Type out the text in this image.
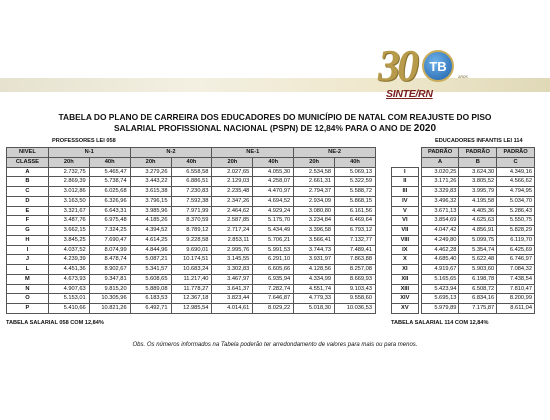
30	TB
anos
SINTE/RN
TABELA DO PLANO DE CARREIRA DOS EDUCADORES DO MUNICÍPIO DE NATAL COM REAJUSTE DO PISO
SALARIAL PROFISSIONAL NACIONAL (PSPN) DE 12,84% PARA O ANO DE 2020
PROFESSORES LEI 058	EDUCADORES INFANTIS LEI 114
NIVEL	N-1		N-2		NE-1		NE-2	
CLASSE	20h	40h	20h	40h	20h	40h	20h	40h
A	2.732,75	5.465,47	3.279,26	6.558,58	2.027,65	4.055,30	2.534,58	5.069,13
B	2.869,39	5.738,74	3.443,22	6.886,51	2.129,03	4.258,07	2.661,31	5.322,59
C	3.012,86	6.025,68	3.615,38	7.230,83	2.235,48	4.470,97	2.794,37	5.588,72
D	3.163,50	6.326,96	3.796,15	7.592,38	2.347,26	4.694,52	2.934,09	5.868,15
E	3.321,67	6.643,31	3.985,96	7.971,99	2.464,62	4.929,24	3.080,80	6.161,56
F	3.487,76	6.975,48	4.185,26	8.370,59	2.587,85	5.175,70	3.234,84	6.469,64
G	3.662,15	7.324,25	4.394,52	8.789,12	2.717,24	5.434,49	3.396,58	6.793,12
H	3.845,25	7.690,47	4.614,25	9.228,58	2.853,11	5.706,21	3.566,41	7.132,77
I	4.037,52	8.074,99	4.844,96	9.690,01	2.995,76	5.991,53	3.744,73	7.489,41
J	4.239,39	8.478,74	5.087,21	10.174,51	3.145,55	6.291,10	3.931,97	7.863,88
L	4.451,36	8.902,67	5.341,57	10.683,24	3.302,83	6.605,66	4.128,56	8.257,08
M	4.673,93	9.347,81	5.608,65	11.217,40	3.467,97	6.935,94	4.334,99	8.669,93
N	4.907,63	9.815,20	5.889,08	11.778,27	3.641,37	7.282,74	4.551,74	9.103,43
O	5.153,01	10.305,96	6.183,53	12.367,18	3.823,44	7.646,87	4.779,33	9.558,60
P	5.410,66	10.821,26	6.492,71	12.985,54	4.014,61	8.029,22	5.018,30	10.036,53
		PADRÃO	PADRÃO	PADRÃO
		A	B	C
I		3.020,25	3.624,30	4.349,16
II		3.171,26	3.805,52	4.566,62
III		3.329,83	3.995,79	4.794,95
IV		3.496,32	4.195,58	5.034,70
V		3.671,13	4.405,36	5.286,43
VI		3.854,69	4.625,63	5.550,75
VII		4.047,42	4.856,91	5.828,29
VIII		4.249,80	5.099,75	6.119,70
IX		4.462,28	5.354,74	6.425,69
X		4.685,40	5.622,48	6.746,97
XI		4.919,67	5.903,60	7.084,32
XII		5.165,65	6.198,78	7.438,54
XIII		5.423,94	6.508,72	7.810,47
XIV		5.695,13	6.834,16	8.200,99
XV		5.979,89	7.175,87	8.611,04
TABELA SALARIAL 058 COM 12,84%	TABELA SALARIAL 114 COM 12,84%
Obs. Os números informados na Tabela poderão ter arredondamento de valores para mais ou para menos.
